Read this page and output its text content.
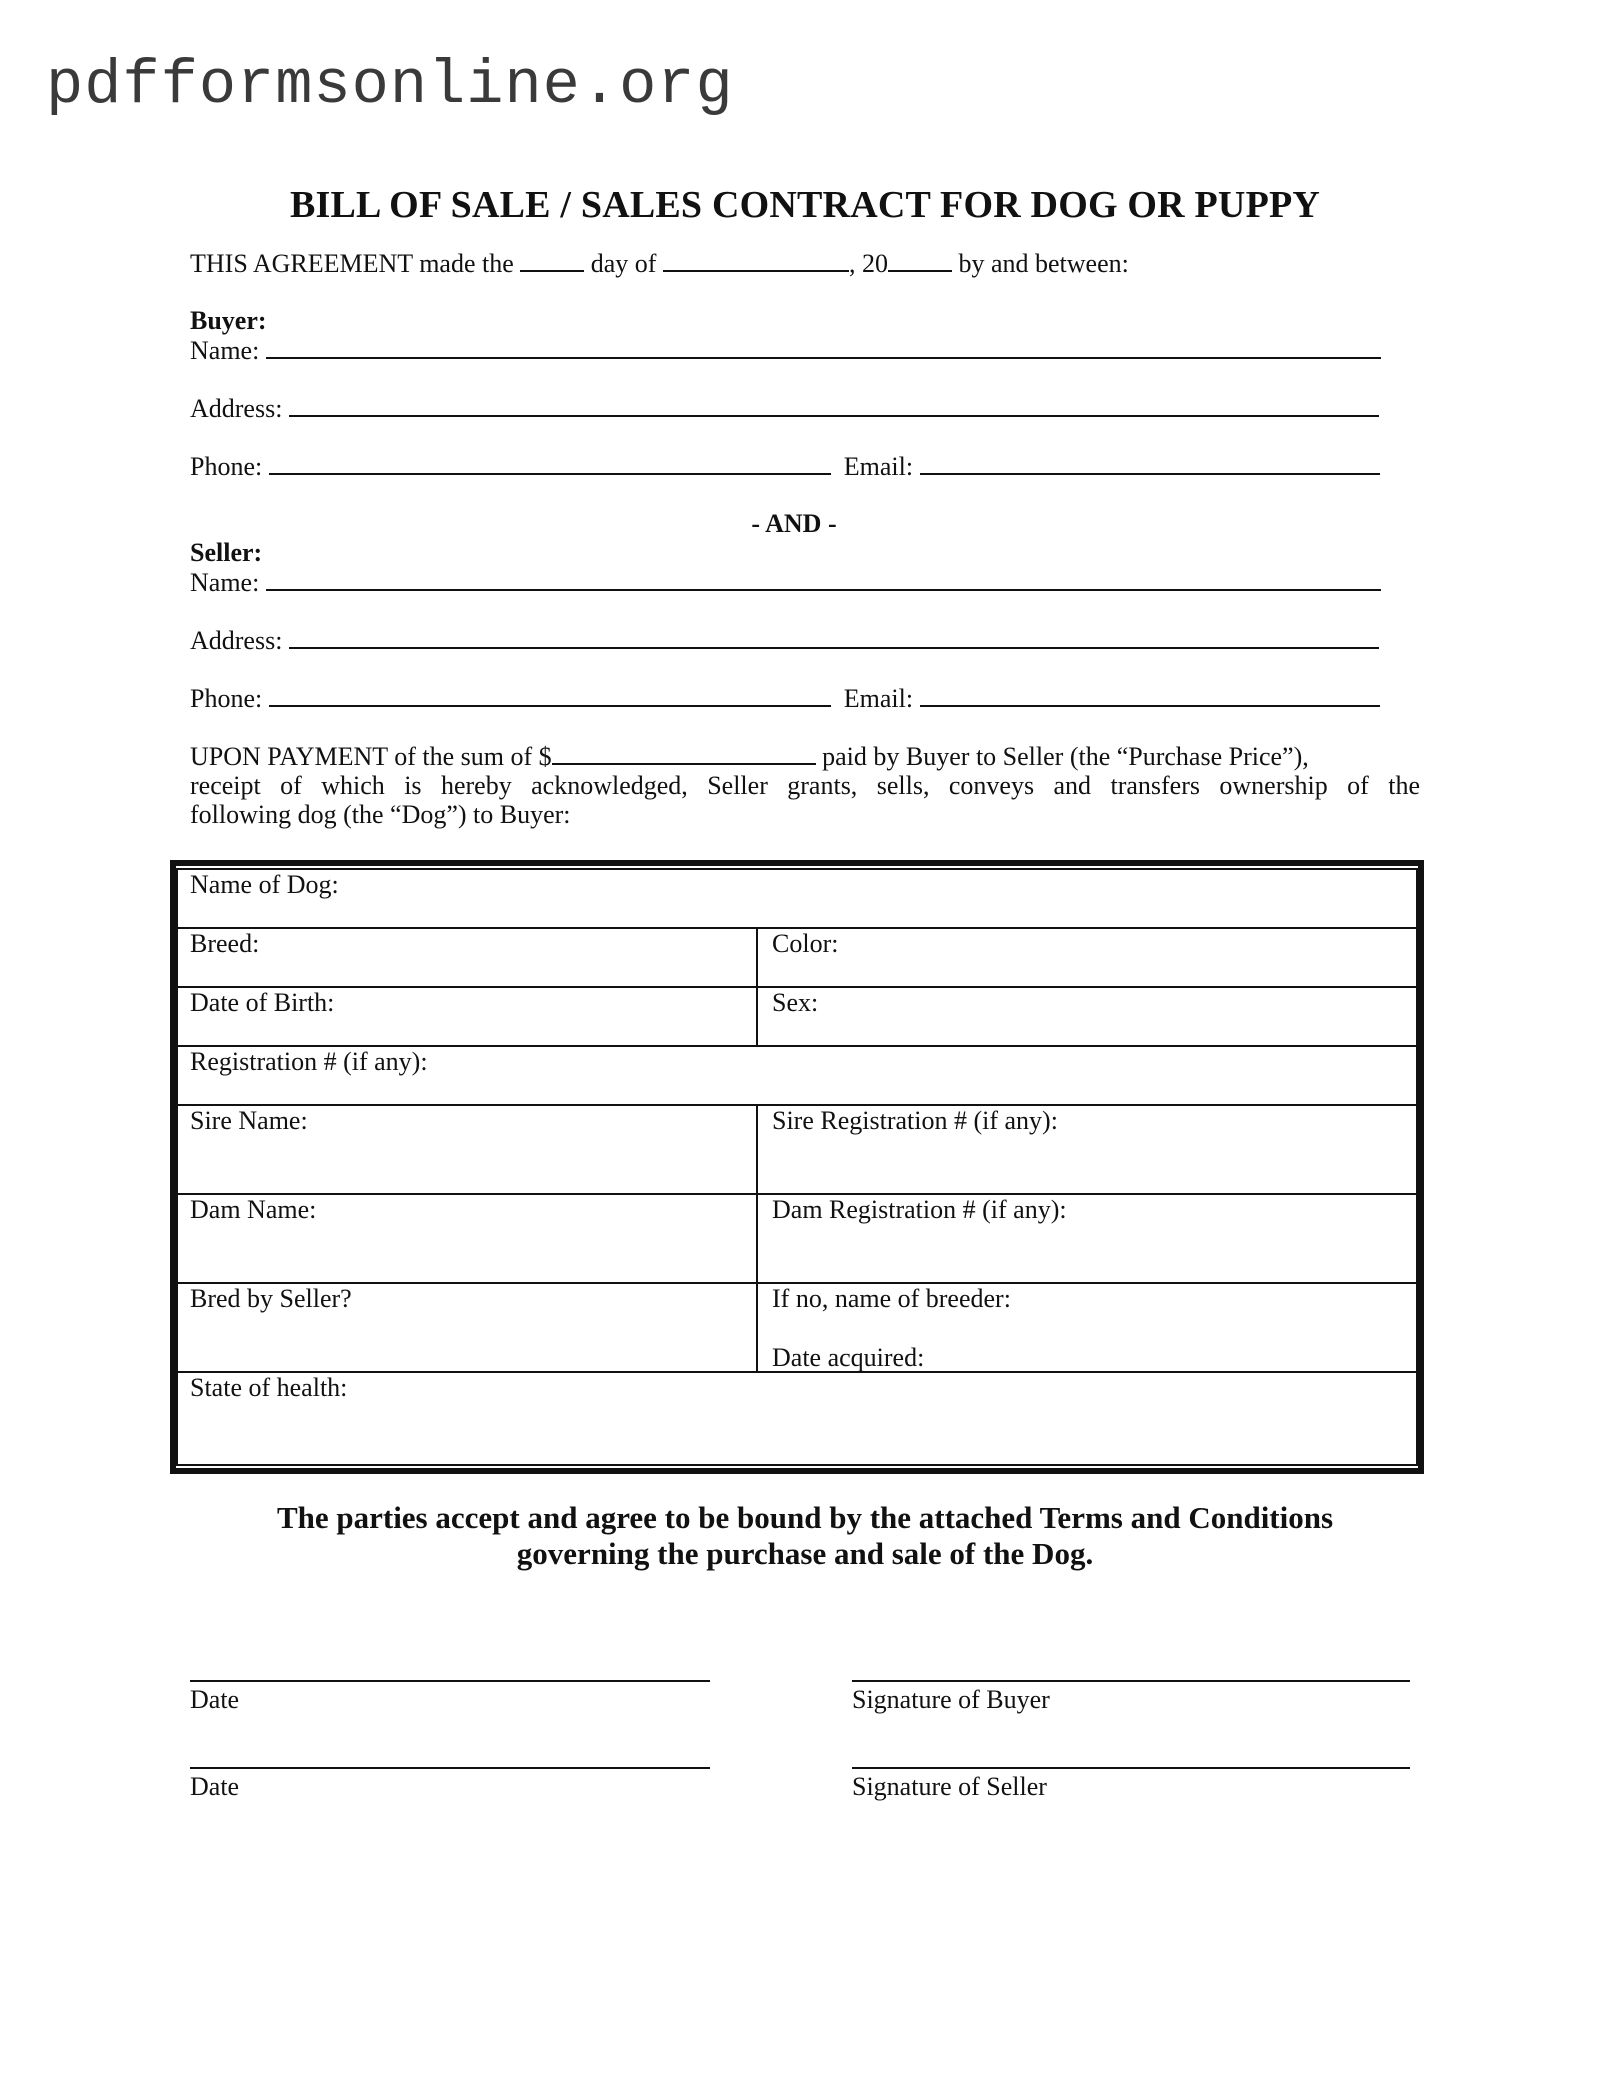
pdfformsonline.org
BILL OF SALE / SALES CONTRACT FOR DOG OR PUPPY
THIS AGREEMENT made the	day of	, 20	by and between:
Buyer:
Name:
Address:
Phone:	Email:
- AND -
Seller:
Name:
Address:
Phone:	Email:
UPON PAYMENT of the sum of $	paid by Buyer to Seller (the “Purchase Price”),
receipt of which is hereby acknowledged, Seller grants, sells, conveys and transfers ownership of the
following dog (the “Dog”) to Buyer:
Name of Dog:
Breed:	Color:
Date of Birth:	Sex:
Registration # (if any):
Sire Name:	Sire Registration # (if any):
Dam Name:	Dam Registration # (if any):
Bred by Seller?	If no, name of breeder:
Date acquired:
State of health:
The parties accept and agree to be bound by the attached Terms and Conditions
governing the purchase and sale of the Dog.
Date	Signature of Buyer
Date	Signature of Seller
